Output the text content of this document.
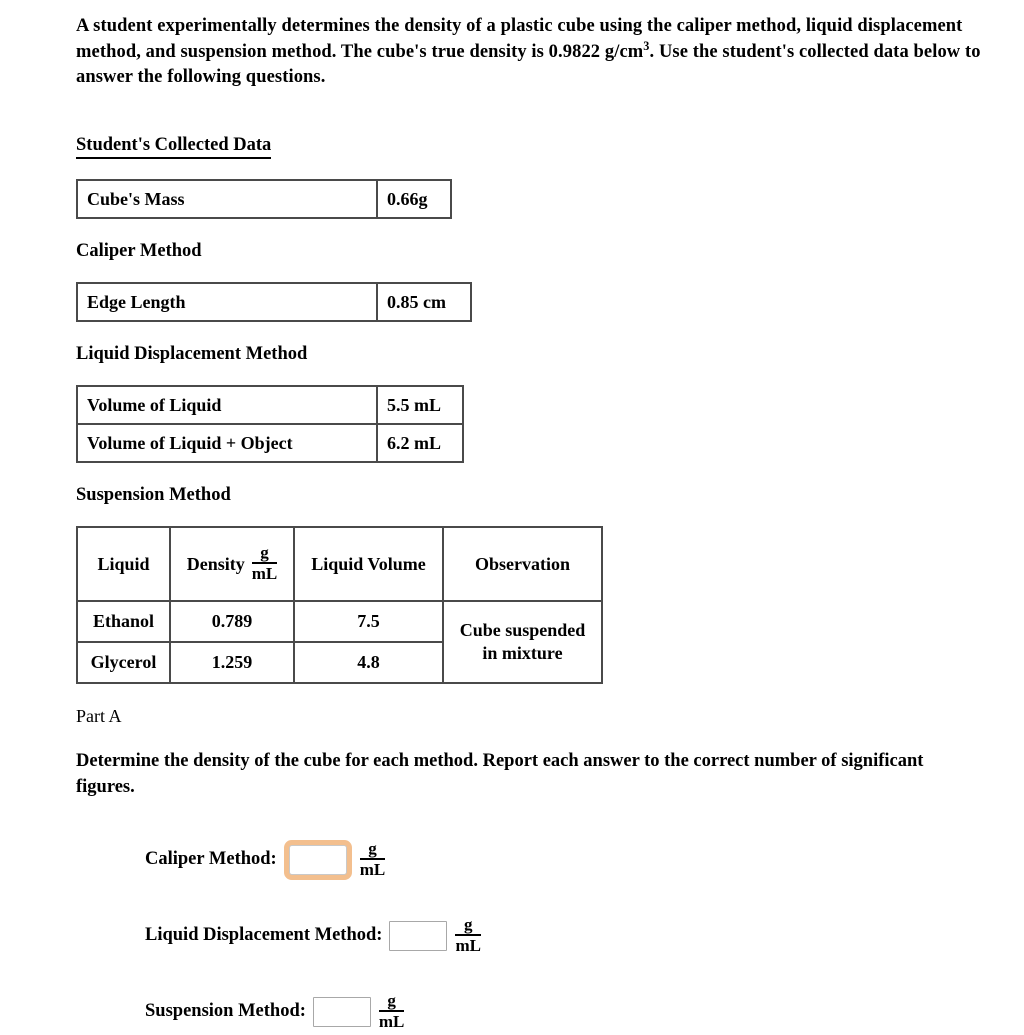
A student experimentally determines the density of a plastic cube using the caliper method, liquid displacement method, and suspension method. The cube's true density is 0.9822 $g/cm^3$. Use the student's collected data below to answer the following questions.

Student's Collected Data
Cube's Mass	0.66g
Caliper Method
Edge Length	0.85 cm
Liquid Displacement Method
Volume of Liquid	5.5 mL
Volume of Liquid + Object	6.2 mL
Suspension Method
Liquid	Density $\frac{g}{mL}$	Liquid Volume	Observation
Ethanol	0.789	7.5	Cube suspended in mixture
Glycerol	1.259	4.8	
Part A

Determine the density of the cube for each method. Report each answer to the correct number of significant figures.

Caliper Method:	$\frac{g}{mL}$
Liquid Displacement Method:	$\frac{g}{mL}$
Suspension Method:	$\frac{g}{mL}$
